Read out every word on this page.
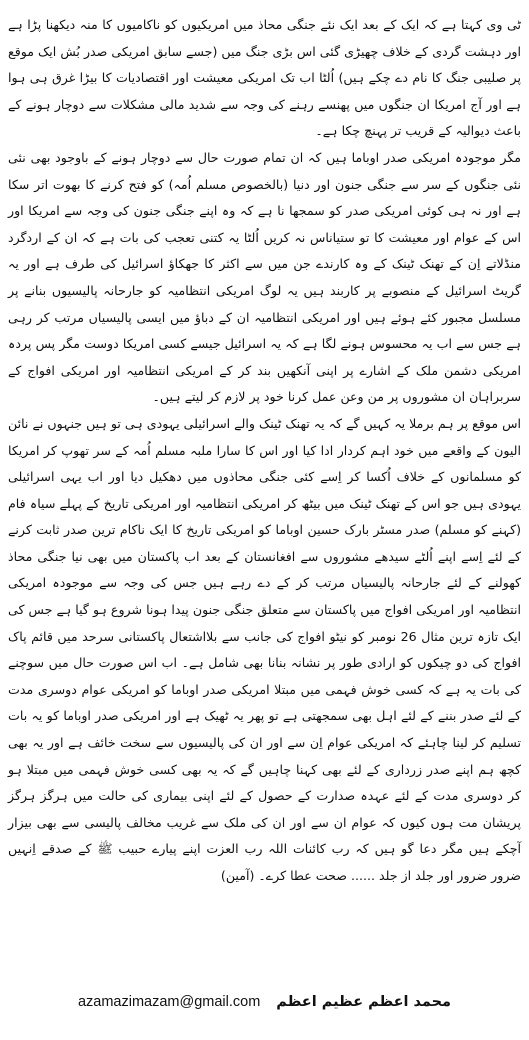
ٹی وی کہتا ہے کہ ایک کے بعد ایک نئے جنگی محاذ میں امریکیوں کو ناکامیوں کا منہ دیکھنا پڑا ہے اور دہشت گردی کے خلاف چھیڑی گئی اس بڑی جنگ میں (جسے سابق امریکی صدر بُش ایک موقع پر صلیبی جنگ کا نام دے چکے ہیں) اُلٹا اب تک امریکی معیشت اور اقتصادیات کا بیڑا غرق ہی ہوا ہے اور آج امریکا ان جنگوں میں پھنسے رہنے کی وجہ سے شدید مالی مشکلات سے دوچار ہونے کے باعث دیوالیہ کے قریب تر پہنچ چکا ہے۔

مگر موجودہ امریکی صدر اوباما ہیں کہ ان تمام صورت حال سے دوچار ہونے کے باوجود بھی نئی نئی جنگوں کے سر سے جنگی جنون اور دنیا (بالخصوص مسلم اُمہ) کو فتح کرنے کا بھوت اتر سکا ہے اور نہ ہی کوئی امریکی صدر کو سمجھا نا ہے کہ وہ اپنے جنگی جنون کی وجہ سے امریکا اور اس کے عوام اور معیشت کا تو ستیاناس نہ کریں اُلٹا یہ کتنی تعجب کی بات ہے کہ ان کے اردگرد منڈلاتے اِن کے تھنک ٹینک کے وہ کارندے جن میں سے اکثر کا جھکاؤ اسرائیل کی طرف ہے اور یہ گریٹ اسرائیل کے منصوبے پر کاربند ہیں یہ لوگ امریکی انتظامیہ کو جارحانہ پالیسیوں بنانے پر مسلسل مجبور کئے ہوئے ہیں اور امریکی انتظامیہ ان کے دباؤ میں ایسی پالیسیاں مرتب کر رہی ہے جس سے اب یہ محسوس ہونے لگا ہے کہ یہ اسرائیل جیسے کسی امریکا دوست مگر پس پردہ امریکی دشمن ملک کے اشارے پر اپنی آنکھیں بند کر کے امریکی انتظامیہ اور امریکی افواج کے سربراہان ان مشوروں پر من وعن عمل کرنا خود پر لازم کر لیتے ہیں۔

اس موقع پر ہم برملا یہ کہیں گے کہ یہ تھنک ٹینک والے اسرائیلی یہودی ہی تو ہیں جنہوں نے نائن الیون کے واقعے میں خود اہم کردار ادا کیا اور اس کا سارا ملبہ مسلم اُمہ کے سر تھوپ کر امریکا کو مسلمانوں کے خلاف اُکسا کر اِسے کئی جنگی محاذوں میں دھکیل دیا اور اب یہی اسرائیلی یہودی ہیں جو اس کے تھنک ٹینک میں بیٹھ کر امریکی انتظامیہ اور امریکی تاریخ کے پہلے سیاہ فام (کہنے کو مسلم) صدر مسٹر بارک حسین اوباما کو امریکی تاریخ کا ایک ناکام ترین صدر ثابت کرنے کے لئے اِسے اپنے اُلٹے سیدھے مشوروں سے افغانستان کے بعد اب پاکستان میں بھی نیا جنگی محاذ کھولنے کے لئے جارحانہ پالیسیاں مرتب کر کے دے رہے ہیں جس کی وجہ سے موجودہ امریکی انتظامیہ اور امریکی افواج میں پاکستان سے متعلق جنگی جنون پیدا ہونا شروع ہو گیا ہے جس کی ایک تازہ ترین مثال 26 نومبر کو نیٹو افواج کی جانب سے بلااشتعال پاکستانی سرحد میں قائم پاک افواج کی دو چیکوں کو ارادی طور پر نشانہ بنانا بھی شامل ہے۔ اب اس صورت حال میں سوچنے کی بات یہ ہے کہ کسی خوش فہمی میں مبتلا امریکی صدر اوباما کو امریکی عوام دوسری مدت کے لئے صدر بننے کے لئے اہل بھی سمجھتی ہے تو پھر یہ ٹھیک ہے اور امریکی صدر اوباما کو یہ بات تسلیم کر لینا چاہئے کہ امریکی عوام اِن سے اور ان کی پالیسیوں سے سخت خائف ہے اور یہ بھی کچھ ہم اپنے صدر زرداری کے لئے بھی کہنا چاہیں گے کہ یہ بھی کسی خوش فہمی میں مبتلا ہو کر دوسری مدت کے لئے عہدہ صدارت کے حصول کے لئے اپنی بیماری کی حالت میں ہرگز ہرگز پریشان مت ہوں کیوں کہ عوام ان سے اور ان کی ملک سے غریب مخالف پالیسی سے بھی بیزار آچکے ہیں مگر دعا گو ہیں کہ رب کائنات اللہ رب العزت اپنے پیارے حبیب ﷺ کے صدقے اِنہیں ضرور ضرور اور جلد از جلد ...... صحت عطا کرے۔ (آمین)

azamazimazam@gmail.com محمد اعظم عظیم اعظم
